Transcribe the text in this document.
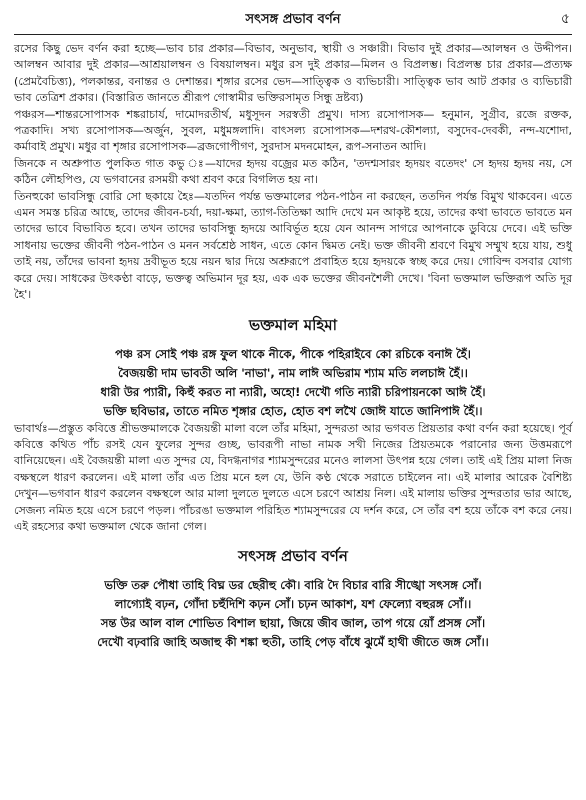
সৎসঙ্গ প্রভাব বর্ণন	৫

রসের কিছু ভেদ বর্ণন করা হচ্ছে—ভাব চার প্রকার—বিভাব, অনুভাব, স্থায়ী ও সঞ্চারী। বিভাব দুই প্রকার—আলম্বন ও উদ্দীপন। আলম্বন আবার দুই প্রকার—আশ্রয়ালম্বন ও বিষয়ালম্বন। মধুর রস দুই প্রকার—মিলন ও বিপ্রলম্ভ। বিপ্রলম্ভ চার প্রকার—প্রত্যক্ষ (প্রেমবৈচিত্ত্য), পলকান্তর, বনান্তর ও দেশান্তর। শৃঙ্গার রসের ভেদ—সাত্ত্বিক ও ব্যভিচারী। সাত্ত্বিক ভাব আট প্রকার ও ব্যভিচারী ভাব তেত্রিশ প্রকার। (বিস্তারিত জানতে শ্রীরূপ গোস্বামীর ভক্তিরসামৃত সিন্ধু দ্রষ্টব্য)

পঞ্চরস—শান্তরসোপাসক শঙ্করাচার্য, দামোদরতীর্থ, মধুসূদন সরস্বতী প্রমুখ। দাস্য রসোপাসক— হনুমান, সুগ্রীব, রজে রক্তক, পত্রকাদি। সখ্য রসোপাসক—অর্জুন, সুবল, মধুমঙ্গলাদি। বাৎসল্য রসোপাসক—দশরথ-কৌশল্যা, বসুদেব-দেবকী, নন্দ-যশোদা, কর্মাবাই প্রমুখ। মধুর বা শৃঙ্গার রসোপাসক—ব্রজগোপীগণ, সুরদাস মদনমোহন, রূপ-সনাতন আদি।

জিনকে ন অশ্রুপাত পুলকিত গাত কভু ঃ—যাদের হৃদয় বজ্রের মত কঠিন, 'তদশ্মসারং হৃদয়ং বতেদং' সে হৃদয় হৃদয় নয়, সে কঠিন লৌহপিণ্ড, যে ভগবানের রসময়ী কথা শ্রবণ করে বিগলিত হয় না।

তিনহুকো ভাবসিন্ধু বোরি সো ছকায়ে হৈঃ—যতদিন পর্যন্ত ভক্তমালের পঠন-পাঠন না করছেন, ততদিন পর্যন্ত বিমুখ থাকবেন। এতে এমন সমস্ত চরিত্র আছে, তাদের জীবন-চর্যা, দয়া-ক্ষমা, ত্যাগ-তিতিক্ষা আদি দেখে মন আকৃষ্ট হয়ে, তাদের কথা ভাবতে ভাবতে মন তাদের ভাবে বিভাবিত হবে। তখন তাদের ভাবসিন্ধু হৃদয়ে আবির্ভূত হয়ে যেন আনন্দ সাগরে আপনাকে ডুবিয়ে দেবে। এই ভক্তি সাধনায় ভক্তের জীবনী পঠন-পাঠন ও মনন সর্বশ্রেষ্ঠ সাধন, এতে কোন দ্বিমত নেই। ভক্ত জীবনী শ্রবণে বিমুখ সম্মুখ হয়ে যায়, শুধু তাই নয়, তাঁদের ভাবনা হৃদয় দ্রবীভূত হয়ে নয়ন দ্বার দিয়ে অশ্রুরূপে প্রবাহিত হয়ে হৃদয়কে স্বচ্ছ করে দেয়। গোবিন্দ বসবার যোগ্য করে দেয়। সাধকের উৎকণ্ঠা বাড়ে, ভক্তত্ব অভিমান দূর হয়, এক এক ভক্তের জীবনশৈলী দেখে। 'বিনা ভক্তমাল ভক্তিরূপ অতি দূর হৈ'।

ভক্তমাল মহিমা

পঞ্চ রস সোই পঞ্চ রঙ্গ ফুল থাকে নীকে, পীকে পহিরাইবে কো রচিকে বনাঈ হৈঁ।

বৈজয়ন্তী দাম ভাবতী অলি 'নাভা', নাম লাঈ অভিরাম শ্যাম মতি ললচাঈ হৈঁ।।

ধারী উর প্যারী, কিহুঁ করত না ন্যারী, অহো! দেখৌ গতি ন্যারী চরিপায়নকো আঈ হৈঁ।

ভক্তি ছবিভার, তাতে নমিত শৃঙ্গার হোত, হোত বশ লখৈ জোঈ যাতে জানিপাঈ হৈঁ।।

ভাবার্থঃ—প্রস্তুত কবিত্তে শ্রীভক্তমালকে বৈজয়ন্তী মালা বলে তাঁর মহিমা, সুন্দরতা আর ভগবত প্রিয়তার কথা বর্ণন করা হয়েছে। পূর্ব কবিত্তে কথিত পাঁচ রসই যেন ফুলের সুন্দর গুচ্ছ, ভাবরূপী নাভা নামক সখী নিজের প্রিয়তমকে পরানোর জন্য উত্তমরূপে বানিয়েছেন। এই বৈজয়ন্তী মালা এত সুন্দর যে, বিদগ্ধনাগর শ্যামসুন্দরের মনেও লালসা উৎপন্ন হয়ে গেল। তাই এই প্রিয় মালা নিজ বক্ষস্থলে ধারণ করলেন। এই মালা তাঁর এত প্রিয় মনে হল যে, উনি কণ্ঠ থেকে সরাতে চাইলেন না। এই মালার আরেক বৈশিষ্ট্য দেখুন—ভগবান ধারণ করলেন বক্ষস্থলে আর মালা দুলতে দুলতে এসে চরণে আশ্রয় নিল। এই মালায় ভক্তির সুন্দরতার ভার আছে, সেজন্য নমিত হয়ে এসে চরণে পড়ল। পাঁচরঙা ভক্তমাল পরিহিত শ্যামসুন্দরের যে দর্শন করে, সে তাঁর বশ হয়ে তাঁকে বশ করে নেয়। এই রহস্যের কথা ভক্তমাল থেকে জানা গেল।

সৎসঙ্গ প্রভাব বর্ণন

ভক্তি তরু পৌধা তাহি বিঘ্ন ডর ছেরীহু কৌ। বারি দৈ বিচার বারি সীঙ্খো সৎসঙ্গ সোঁ।

লাগ্যোই বঢ়ন, গোঁদা চহুঁদিশি কঢ়ন সোঁ। চঢ়ন আকাশ, যশ ফেল্যো বহুরঙ্গ সোঁ।।

সন্ত উর আল বাল শোভিত বিশাল ছায়া, জিয়ে জীব জাল, তাপ গয়ে য়োঁ প্রসঙ্গ সোঁ।

দেখৌ বঢ়বারি জাহি অজাহু কী শঙ্কা হুতী, তাহি পেড় বাঁধে ঝুমেঁ হাথী জীতে জঙ্গ সোঁ।।
